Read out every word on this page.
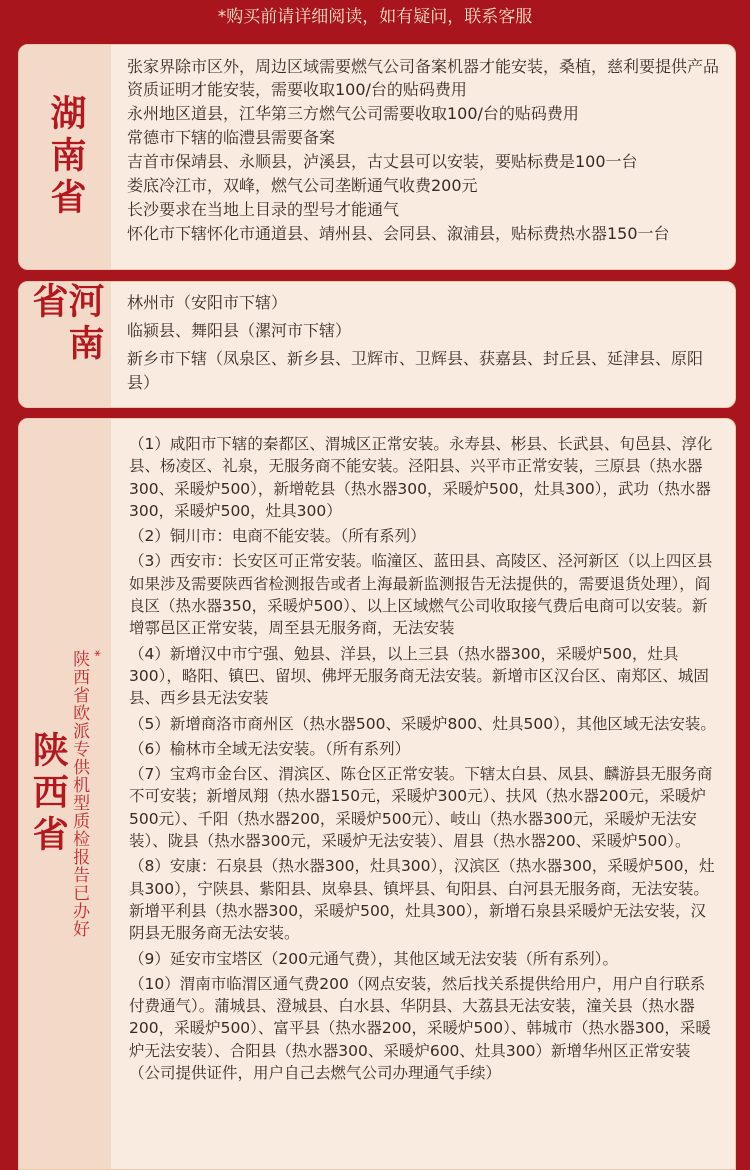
*购买前请详细阅读，如有疑问，联系客服
湖南省

张家界除市区外，周边区域需要燃气公司备案机器才能安装，桑植，慈利要提供产品资质证明才能安装，需要收取100/台的贴码费用

永州地区道县，江华第三方燃气公司需要收取100/台的贴码费用

常德市下辖的临澧县需要备案

吉首市保靖县、永顺县，泸溪县，古丈县可以安装，要贴标费是100一台

娄底冷江市，双峰，燃气公司垄断通气收费200元

长沙要求在当地上目录的型号才能通气

怀化市下辖怀化市通道县、靖州县、会同县、溆浦县，贴标费热水器150一台

河南省	林州市（安阳市下辖）

临颍县、舞阳县（漯河市下辖）

新乡市下辖（凤泉区、新乡县、卫辉市、卫辉县、获嘉县、封丘县、延津县、原阳县）

陕西省
*
陕西省欧派专供机型质检报告已办好

（1）咸阳市下辖的秦都区、渭城区正常安装。永寿县、彬县、长武县、旬邑县、淳化县、杨凌区、礼泉，无服务商不能安装。泾阳县、兴平市正常安装，三原县（热水器300、采暖炉500），新增乾县（热水器300，采暖炉500，灶具300），武功（热水器300，采暖炉500，灶具300）

（2）铜川市：电商不能安装。（所有系列）

（3）西安市：长安区可正常安装。临潼区、蓝田县、高陵区、泾河新区（以上四区县如果涉及需要陕西省检测报告或者上海最新监测报告无法提供的，需要退货处理），阎良区（热水器350，采暖炉500）、以上区域燃气公司收取接气费后电商可以安装。新增鄠邑区正常安装，周至县无服务商，无法安装

（4）新增汉中市宁强、勉县、洋县，以上三县（热水器300，采暖炉500，灶具300），略阳、镇巴、留坝、佛坪无服务商无法安装。新增市区汉台区、南郑区、城固县、西乡县无法安装

（5）新增商洛市商州区（热水器500、采暖炉800、灶具500），其他区域无法安装。

（6）榆林市全域无法安装。（所有系列）

（7）宝鸡市金台区、渭滨区、陈仓区正常安装。下辖太白县、凤县、麟游县无服务商不可安装；新增凤翔（热水器150元，采暖炉300元）、扶风（热水器200元，采暖炉500元）、千阳（热水器200，采暖炉500元）、岐山（热水器300元，采暖炉无法安装）、陇县（热水器300元，采暖炉无法安装）、眉县（热水器200、采暖炉500）。

（8）安康：石泉县（热水器300，灶具300），汉滨区（热水器300，采暖炉500，灶具300），宁陕县、紫阳县、岚皋县、镇坪县、旬阳县、白河县无服务商，无法安装。新增平利县（热水器300，采暖炉500，灶具300），新增石泉县采暖炉无法安装，汉阴县无服务商无法安装。

（9）延安市宝塔区（200元通气费），其他区域无法安装（所有系列）。

（10）渭南市临渭区通气费200（网点安装，然后找关系提供给用户，用户自行联系付费通气）。蒲城县、澄城县、白水县、华阴县、大荔县无法安装，潼关县（热水器200，采暖炉500）、富平县（热水器200，采暖炉500）、韩城市（热水器300，采暖炉无法安装）、合阳县（热水器300、采暖炉600、灶具300）新增华州区正常安装（公司提供证件，用户自己去燃气公司办理通气手续）
